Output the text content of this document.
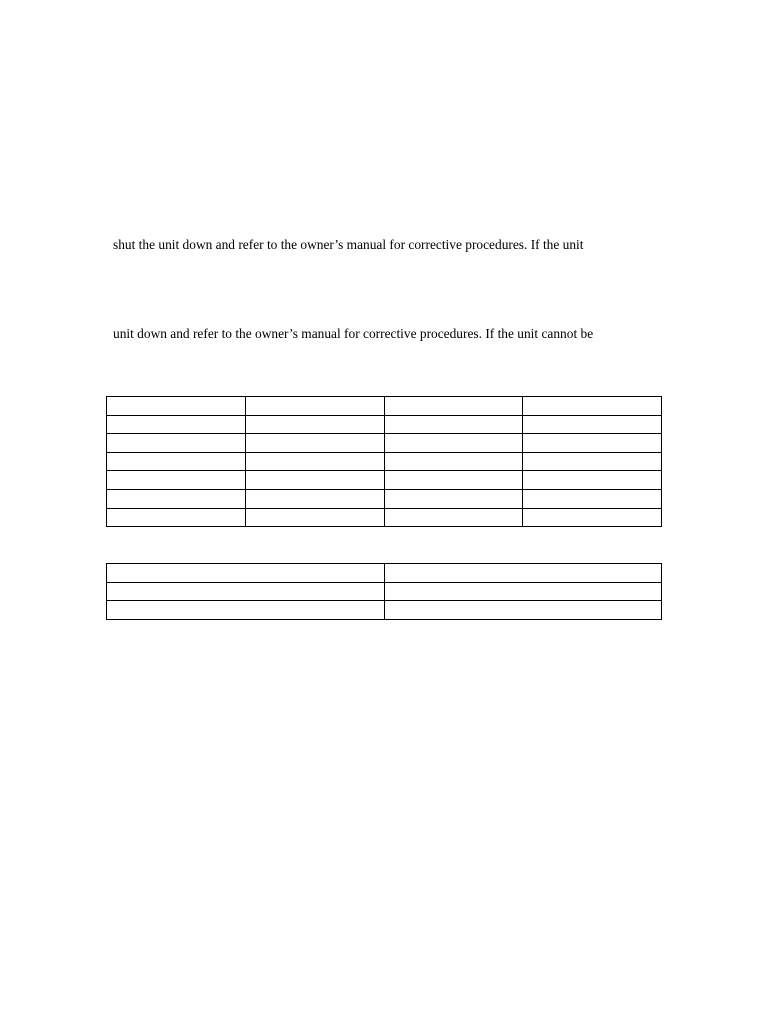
shut the unit down and refer to the owner’s manual for corrective procedures. If the unit
unit down and refer to the owner’s manual for corrective procedures. If the unit cannot be
